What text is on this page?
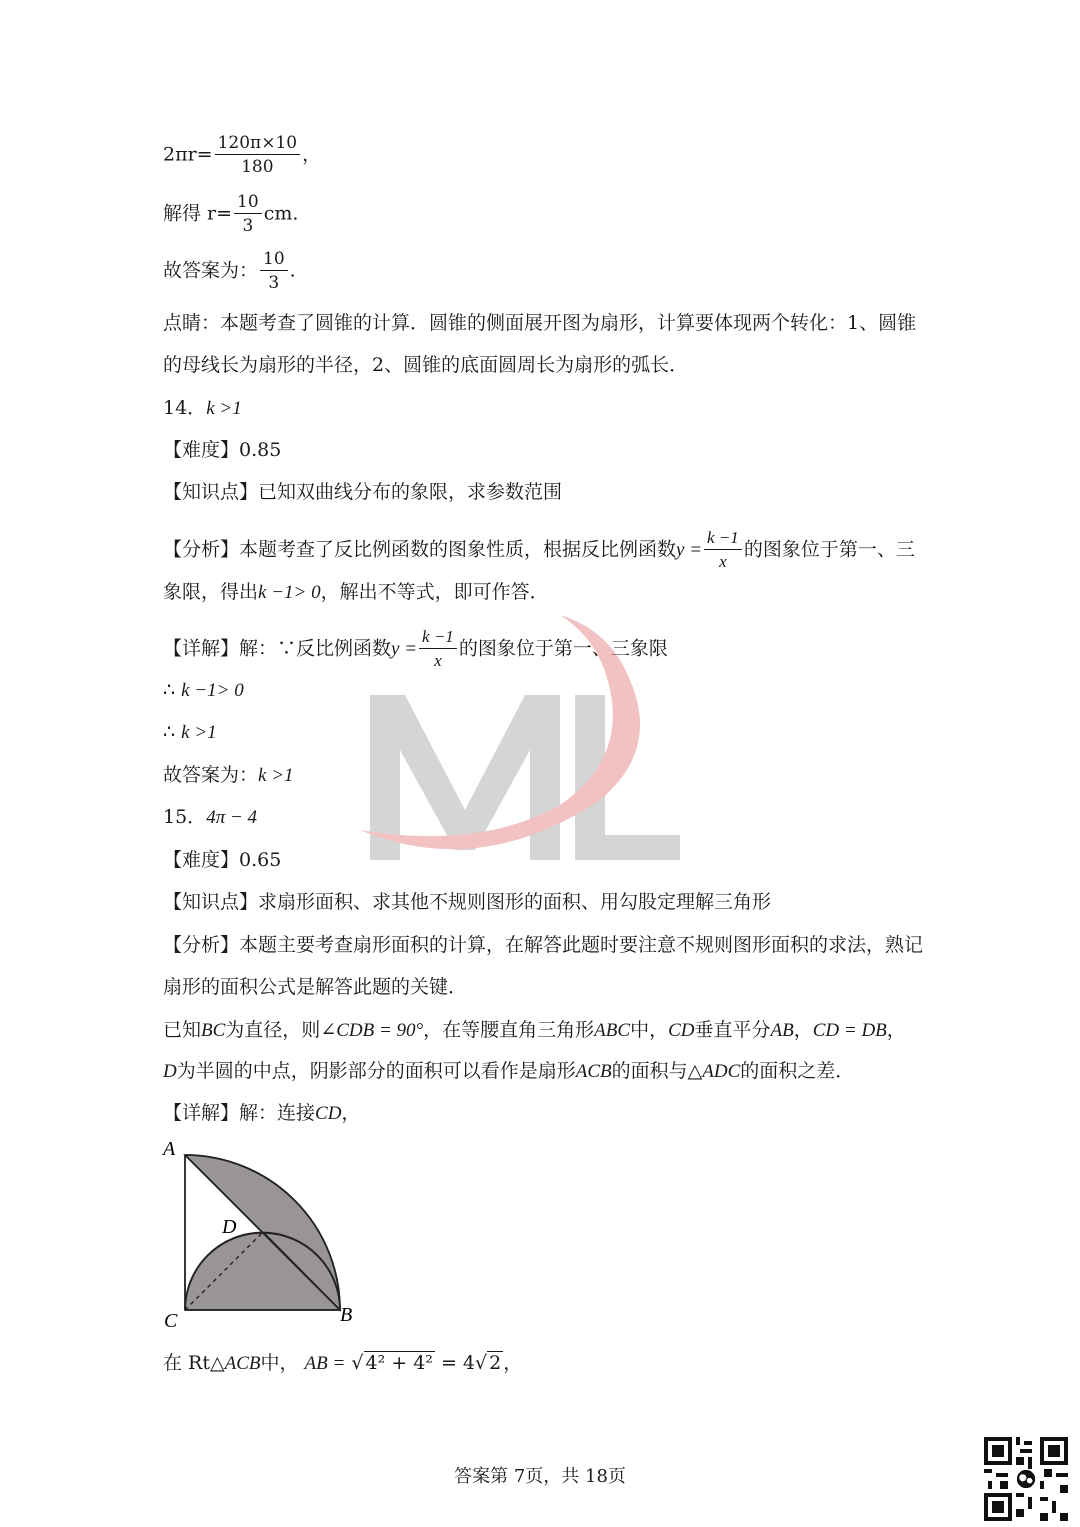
$2\pi r= \frac{120\pi\times 10}{180}$ ，
解得 $r= \frac{10}{3}$ cm.
故答案为： $\frac{10}{3}$ .
点睛：本题考查了圆锥的计算．圆锥的侧面展开图为扇形，计算要体现两个转化：1、圆锥
的母线长为扇形的半径，2、圆锥的底面圆周长为扇形的弧长．
14．k >1
【难度】0.85
【知识点】已知双曲线分布的象限，求参数范围
【分析】本题考查了反比例函数的图象性质，根据反比例函数$y = \frac{k -1}{x}$ 的图象位于第一、三
象限，得出k −1> 0，解出不等式，即可作答．
【详解】解：∵反比例函数$y = \frac{k -1}{x}$ 的图象位于第一、三象限
∴ k −1> 0
∴ k >1
故答案为：k >1
15．4π − 4
【难度】0.65
【知识点】求扇形面积、求其他不规则图形的面积、用勾股定理解三角形
【分析】本题主要考查扇形面积的计算，在解答此题时要注意不规则图形面积的求法，熟记
扇形的面积公式是解答此题的关键．
已知BC为直径，则∠CDB = 90°，在等腰直角三角形ABC中，CD垂直平分AB，CD = DB，
D为半圆的中点，阴影部分的面积可以看作是扇形ACB的面积与△ADC的面积之差．
【详解】解：连接CD，
A
C	B
D
在 Rt△ACB中， AB = √ 4² + 4² = 4√ 2 ，
答案第 7页，共 18页
